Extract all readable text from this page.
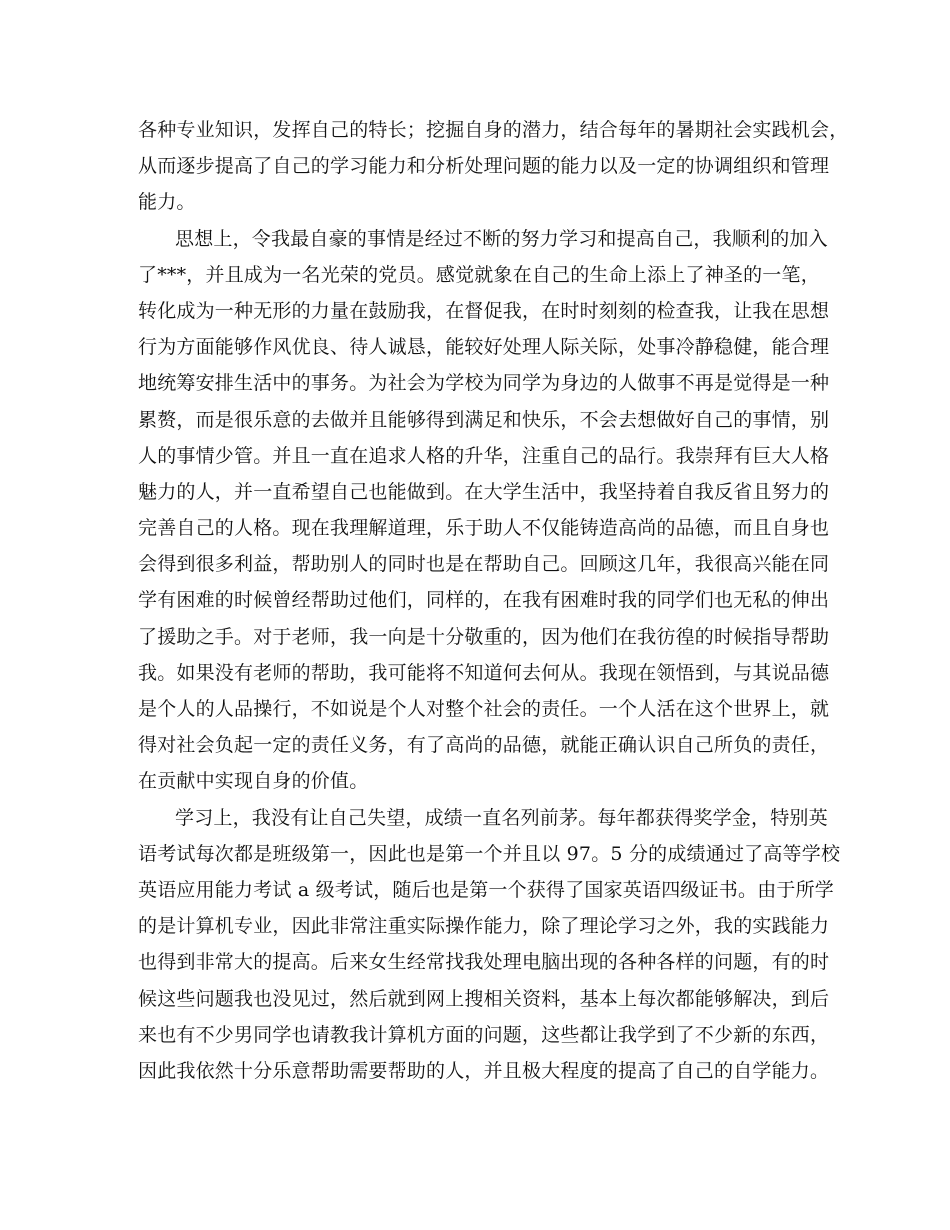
各种专业知识，发挥自己的特长；挖掘自身的潜力，结合每年的暑期社会实践机会，
从而逐步提高了自己的学习能力和分析处理问题的能力以及一定的协调组织和管理
能力。
思想上，令我最自豪的事情是经过不断的努力学习和提高自己，我顺利的加入
了***，并且成为一名光荣的党员。感觉就象在自己的生命上添上了神圣的一笔，
转化成为一种无形的力量在鼓励我，在督促我，在时时刻刻的检查我，让我在思想
行为方面能够作风优良、待人诚恳，能较好处理人际关际，处事冷静稳健，能合理
地统筹安排生活中的事务。为社会为学校为同学为身边的人做事不再是觉得是一种
累赘，而是很乐意的去做并且能够得到满足和快乐，不会去想做好自己的事情，别
人的事情少管。并且一直在追求人格的升华，注重自己的品行。我崇拜有巨大人格
魅力的人，并一直希望自己也能做到。在大学生活中，我坚持着自我反省且努力的
完善自己的人格。现在我理解道理，乐于助人不仅能铸造高尚的品德，而且自身也
会得到很多利益，帮助别人的同时也是在帮助自己。回顾这几年，我很高兴能在同
学有困难的时候曾经帮助过他们，同样的，在我有困难时我的同学们也无私的伸出
了援助之手。对于老师，我一向是十分敬重的，因为他们在我彷徨的时候指导帮助
我。如果没有老师的帮助，我可能将不知道何去何从。我现在领悟到，与其说品德
是个人的人品操行，不如说是个人对整个社会的责任。一个人活在这个世界上，就
得对社会负起一定的责任义务，有了高尚的品德，就能正确认识自己所负的责任，
在贡献中实现自身的价值。
学习上，我没有让自己失望，成绩一直名列前茅。每年都获得奖学金，特别英
语考试每次都是班级第一，因此也是第一个并且以 97。5 分的成绩通过了高等学校
英语应用能力考试 a 级考试，随后也是第一个获得了国家英语四级证书。由于所学
的是计算机专业，因此非常注重实际操作能力，除了理论学习之外，我的实践能力
也得到非常大的提高。后来女生经常找我处理电脑出现的各种各样的问题，有的时
候这些问题我也没见过，然后就到网上搜相关资料，基本上每次都能够解决，到后
来也有不少男同学也请教我计算机方面的问题，这些都让我学到了不少新的东西，
因此我依然十分乐意帮助需要帮助的人，并且极大程度的提高了自己的自学能力。
